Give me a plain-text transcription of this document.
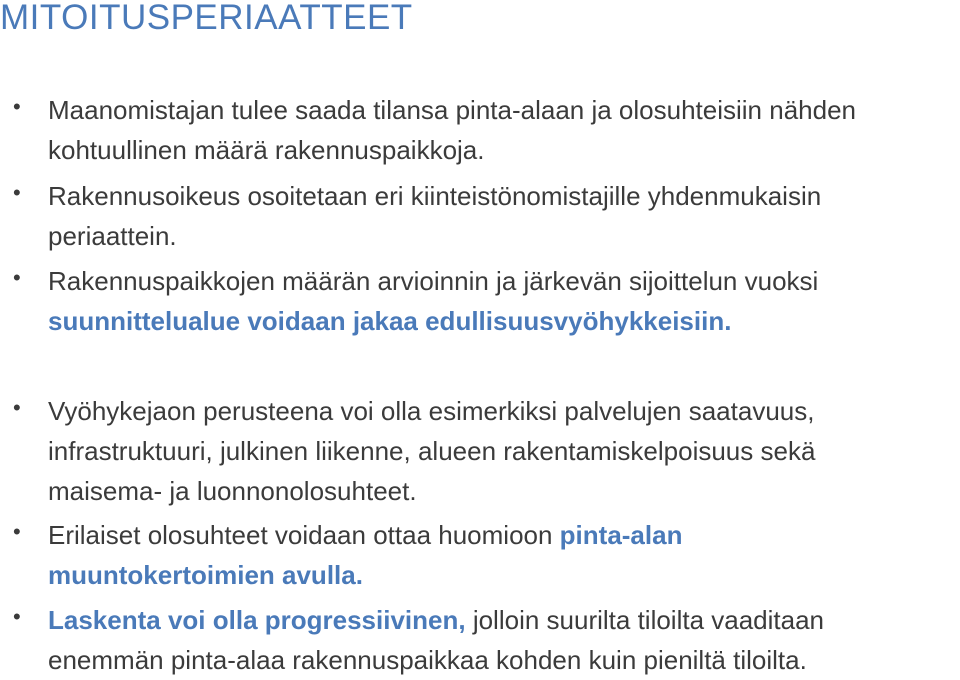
MITOITUSPERIAATTEET
• Maanomistajan tulee saada tilansa pinta-alaan ja olosuhteisiin nähden
kohtuullinen määrä rakennuspaikkoja.
• Rakennusoikeus osoitetaan eri kiinteistönomistajille yhdenmukaisin
periaattein.
• Rakennuspaikkojen määrän arvioinnin ja järkevän sijoittelun vuoksi
suunnittelualue voidaan jakaa edullisuusvyöhykkeisiin.
• Vyöhykejaon perusteena voi olla esimerkiksi palvelujen saatavuus,
infrastruktuuri, julkinen liikenne, alueen rakentamiskelpoisuus sekä
maisema- ja luonnonolosuhteet.
• Erilaiset olosuhteet voidaan ottaa huomioon pinta-alan
muuntokertoimien avulla.
• Laskenta voi olla progressiivinen, jolloin suurilta tiloilta vaaditaan
enemmän pinta-alaa rakennuspaikkaa kohden kuin pieniltä tiloilta.
